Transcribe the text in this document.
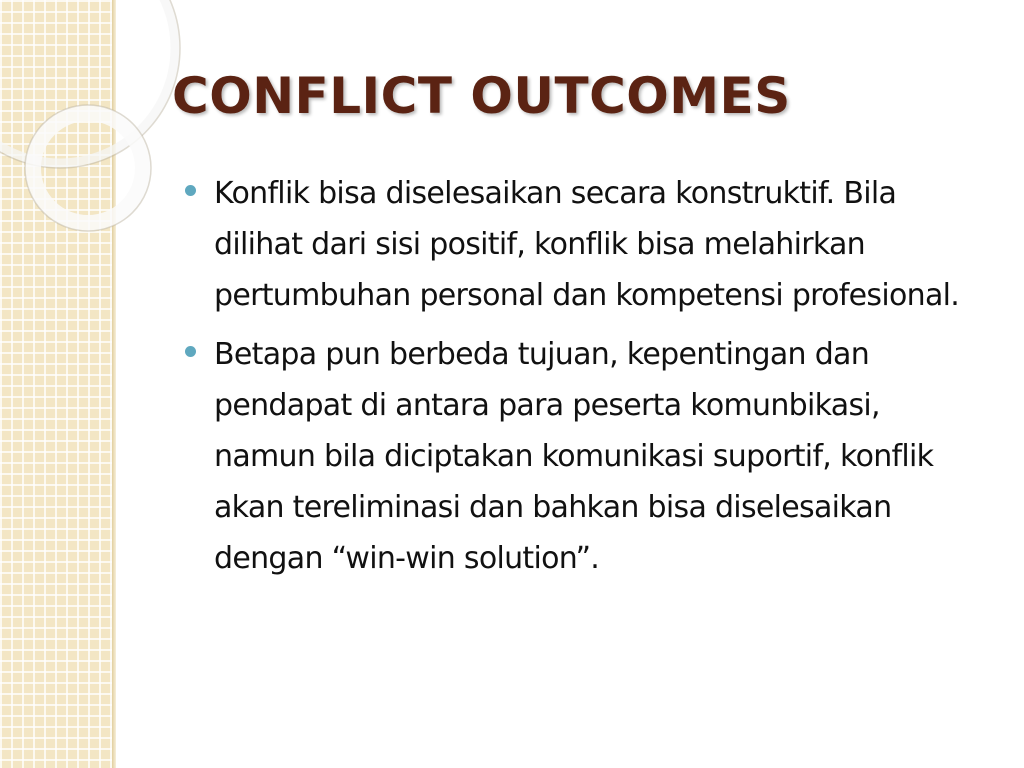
CONFLICT OUTCOMES
Konflik bisa diselesaikan secara konstruktif. Bila dilihat dari sisi positif, konflik bisa melahirkan pertumbuhan personal dan kompetensi profesional.
Betapa pun berbeda tujuan, kepentingan dan pendapat di antara para peserta komunbikasi, namun bila diciptakan komunikasi suportif, konflik akan tereliminasi dan bahkan bisa diselesaikan dengan “win-win solution”.
